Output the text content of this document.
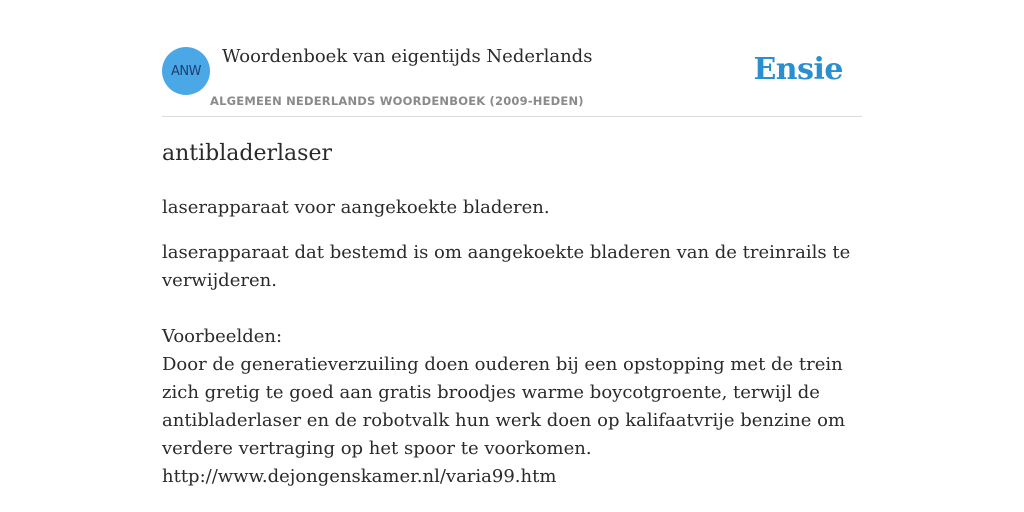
ANW
Woordenboek van eigentijds Nederlands
ALGEMEEN NEDERLANDS WOORDENBOEK (2009-HEDEN)
Ensie
antibladerlaser
laserapparaat voor aangekoekte bladeren.
laserapparaat dat bestemd is om aangekoekte bladeren van de treinrails te verwijderen.
Voorbeelden:
Door de generatieverzuiling doen ouderen bij een opstopping met de trein zich gretig te goed aan gratis broodjes warme boycotgroente, terwijl de antibladerlaser en de robotvalk hun werk doen op kalifaatvrije benzine om verdere vertraging op het spoor te voorkomen.
http://www.dejongenskamer.nl/varia99.htm
